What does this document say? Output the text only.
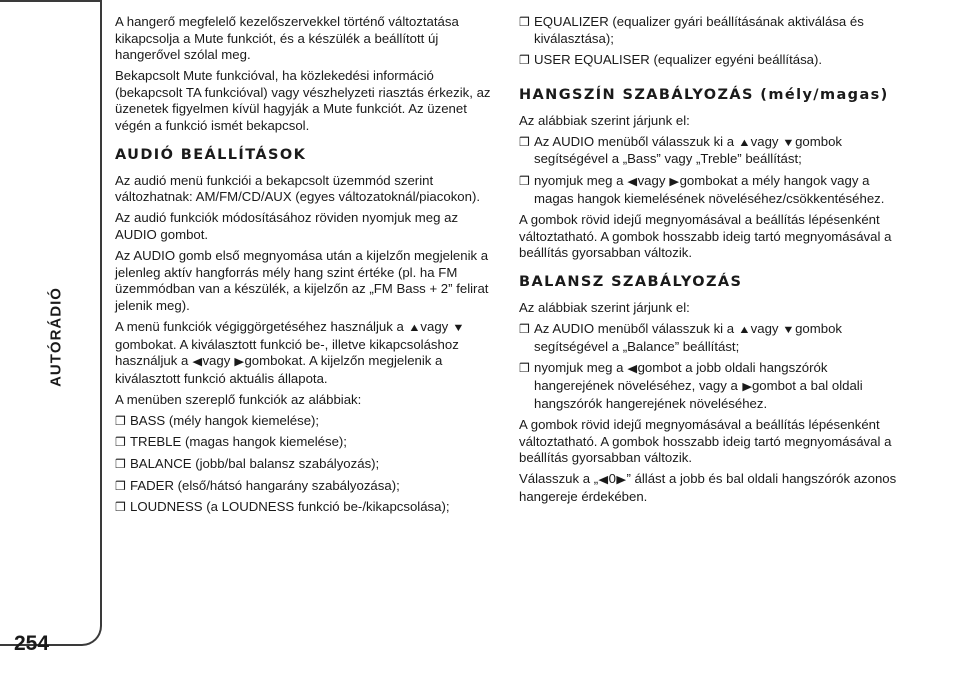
AUTÓRÁDIÓ
254

A hangerő megfelelő kezelőszervekkel történő változtatása kikapcsolja a Mute funkciót, és a készülék a beállított új hangerővel szólal meg.

Bekapcsolt Mute funkcióval, ha közlekedési információ (bekapcsolt TA funkcióval) vagy vészhelyzeti riasztás érkezik, az üzenetek figyelmen kívül hagyják a Mute funkciót. Az üzenet végén a funkció ismét bekapcsol.

AUDIÓ BEÁLLÍTÁSOK

Az audió menü funkciói a bekapcsolt üzemmód szerint változhatnak: AM/FM/CD/AUX (egyes változatoknál/piacokon).

Az audió funkciók módosításához röviden nyomjuk meg az AUDIO gombot.

Az AUDIO gomb első megnyomása után a kijelzőn megjelenik a jelenleg aktív hangforrás mély hang szint értéke (pl. ha FM üzemmódban van a készülék, a kijelzőn az „FM Bass + 2” felirat jelenik meg).

A menü funkciók végiggörgetéséhez használjuk a ▲vagy ▼gombokat. A kiválasztott funkció be-, illetve kikapcsoláshoz használjuk a ◀vagy ▶gombokat. A kijelzőn megjelenik a kiválasztott funkció aktuális állapota.

A menüben szereplő funkciók az alábbiak:

❒ BASS (mély hangok kiemelése);
❒ TREBLE (magas hangok kiemelése);
❒ BALANCE (jobb/bal balansz szabályozás);
❒ FADER (első/hátsó hangarány szabályozása);
❒ LOUDNESS (a LOUDNESS funkció be-/kikapcsolása);
❒ EQUALIZER (equalizer gyári beállításának aktiválása és kiválasztása);
❒ USER EQUALISER (equalizer egyéni beállítása).
HANGSZÍN SZABÁLYOZÁS (mély/magas)

Az alábbiak szerint járjunk el:

❒ Az AUDIO menüből válasszuk ki a ▲vagy ▼gombok segítségével a „Bass” vagy „Treble” beállítást;
❒ nyomjuk meg a ◀vagy ▶gombokat a mély hangok vagy a magas hangok kiemelésének növeléséhez/csökkentéséhez.

A gombok rövid idejű megnyomásával a beállítás lépésenként változtatható. A gombok hosszabb ideig tartó megnyomásával a beállítás gyorsabban változik.

BALANSZ SZABÁLYOZÁS

Az alábbiak szerint járjunk el:

❒ Az AUDIO menüből válasszuk ki a ▲vagy ▼gombok segítségével a „Balance” beállítást;
❒ nyomjuk meg a ◀gombot a jobb oldali hangszórók hangerejének növeléséhez, vagy a ▶gombot a bal oldali hangszórók hangerejének növeléséhez.

A gombok rövid idejű megnyomásával a beállítás lépésenként változtatható. A gombok hosszabb ideig tartó megnyomásával a beállítás gyorsabban változik.

Válasszuk a „◀0▶” állást a jobb és bal oldali hangszórók azonos hangereje érdekében.
